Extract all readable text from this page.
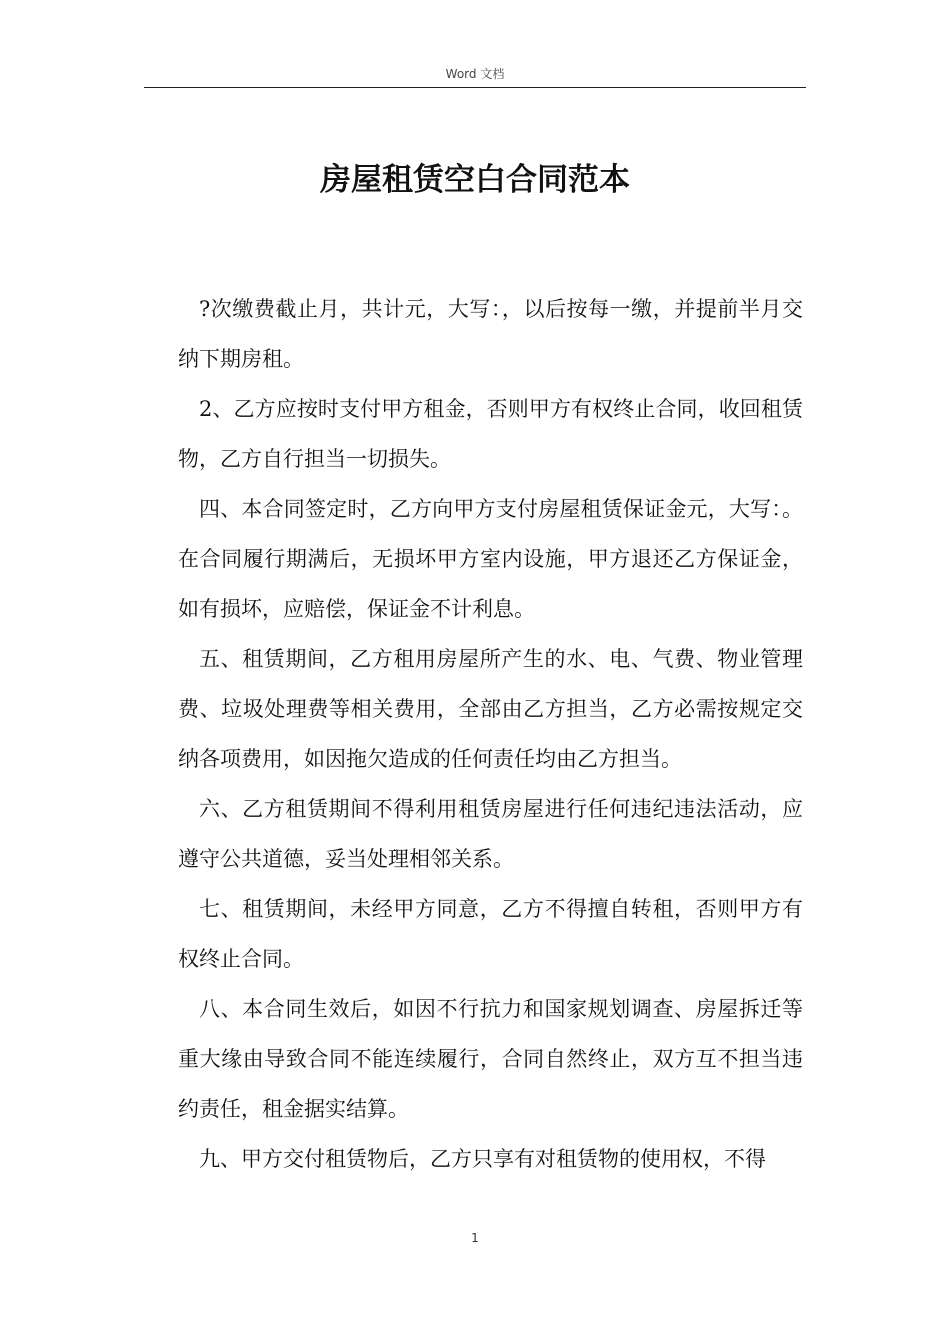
Word 文档
房屋租赁空白合同范本

?次缴费截止月，共计元，大写：，以后按每一缴，并提前半月交纳下期房租。

2、乙方应按时支付甲方租金，否则甲方有权终止合同，收回租赁物，乙方自行担当一切损失。

四、本合同签定时，乙方向甲方支付房屋租赁保证金元，大写：。在合同履行期满后，无损坏甲方室内设施，甲方退还乙方保证金，如有损坏，应赔偿，保证金不计利息。

五、租赁期间，乙方租用房屋所产生的水、电、气费、物业管理费、垃圾处理费等相关费用，全部由乙方担当，乙方必需按规定交纳各项费用，如因拖欠造成的任何责任均由乙方担当。

六、乙方租赁期间不得利用租赁房屋进行任何违纪违法活动，应遵守公共道德，妥当处理相邻关系。

七、租赁期间，未经甲方同意，乙方不得擅自转租，否则甲方有权终止合同。

八、本合同生效后，如因不行抗力和国家规划调查、房屋拆迁等重大缘由导致合同不能连续履行，合同自然终止，双方互不担当违约责任，租金据实结算。

九、甲方交付租赁物后，乙方只享有对租赁物的使用权，不得

1
